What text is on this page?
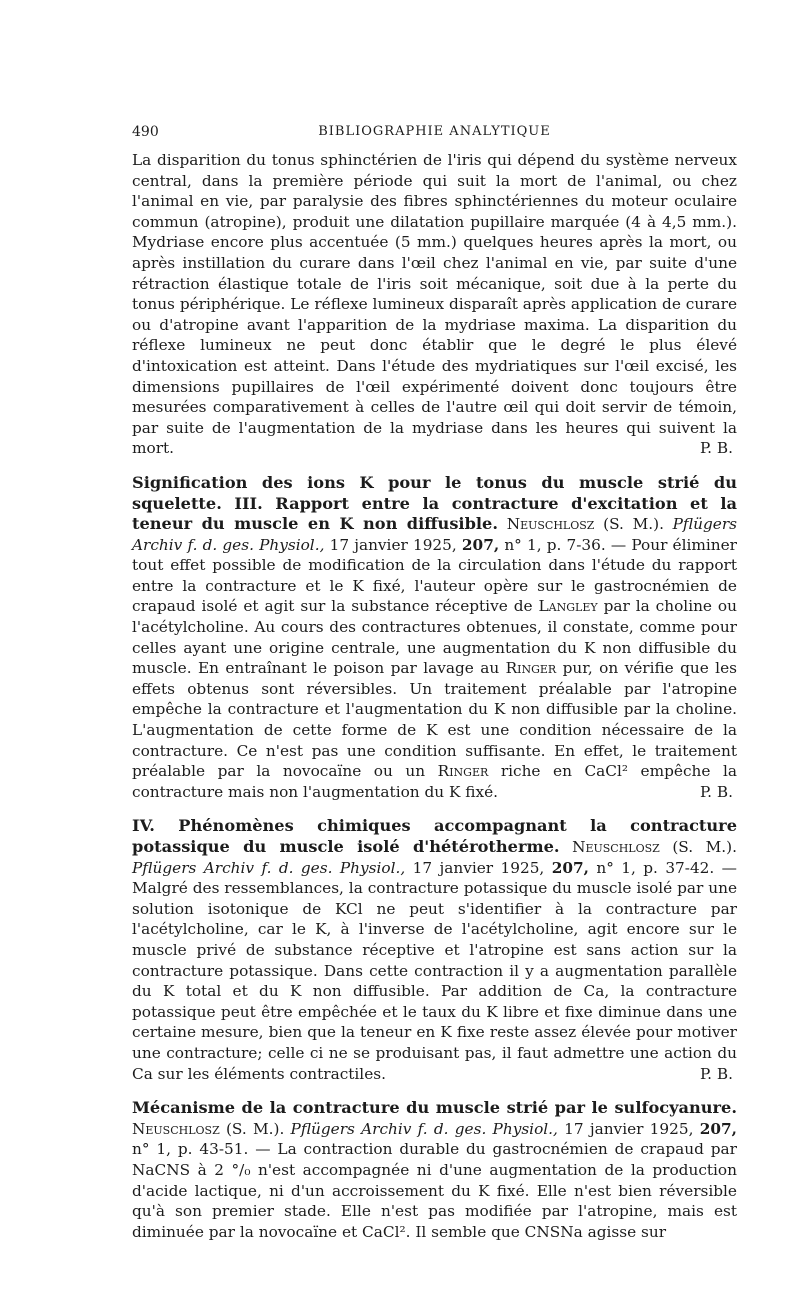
490	BIBLIOGRAPHIE ANALYTIQUE

La disparition du tonus sphinctérien de l'iris qui dépend du système nerveux central, dans la première période qui suit la mort de l'animal, ou chez l'animal en vie, par paralysie des fibres sphinctériennes du moteur oculaire commun (atropine), produit une dilatation pupillaire marquée (4 à 4,5 mm.). Mydriase encore plus accentuée (5 mm.) quelques heures après la mort, ou après instillation du curare dans l'œil chez l'animal en vie, par suite d'une rétraction élastique totale de l'iris soit mécanique, soit due à la perte du tonus périphérique. Le réflexe lumineux disparaît après application de curare ou d'atropine avant l'apparition de la mydriase maxima. La disparition du réflexe lumineux ne peut donc établir que le degré le plus élevé d'intoxication est atteint. Dans l'étude des mydriatiques sur l'œil excisé, les dimensions pupillaires de l'œil expérimenté doivent donc toujours être mesurées comparativement à celles de l'autre œil qui doit servir de témoin, par suite de l'augmentation de la mydriase dans les heures qui suivent la mort.	P. B.

Signification des ions K pour le tonus du muscle strié du squelette. III. Rapport entre la contracture d'excitation et la teneur du muscle en K non diffusible. Neuschlosz (S. M.). Pflügers Archiv f. d. ges. Physiol., 17 janvier 1925, 207, n° 1, p. 7-36. — Pour éliminer tout effet possible de modification de la circulation dans l'étude du rapport entre la contracture et le K fixé, l'auteur opère sur le gastrocnémien de crapaud isolé et agit sur la substance réceptive de Langley par la choline ou l'acétylcholine. Au cours des contractures obtenues, il constate, comme pour celles ayant une origine centrale, une augmentation du K non diffusible du muscle. En entraînant le poison par lavage au Ringer pur, on vérifie que les effets obtenus sont réversibles. Un traitement préalable par l'atropine empêche la contracture et l'augmentation du K non diffusible par la choline. L'augmentation de cette forme de K est une condition nécessaire de la contracture. Ce n'est pas une condition suffisante. En effet, le traitement préalable par la novocaïne ou un Ringer riche en CaCl² empêche la contracture mais non l'augmentation du K fixé.	P. B.

IV. Phénomènes chimiques accompagnant la contracture potassique du muscle isolé d'hétérotherme. Neuschlosz (S. M.). Pflügers Archiv f. d. ges. Physiol., 17 janvier 1925, 207, n° 1, p. 37-42. — Malgré des ressemblances, la contracture potassique du muscle isolé par une solution isotonique de KCl ne peut s'identifier à la contracture par l'acétylcholine, car le K, à l'inverse de l'acétylcholine, agit encore sur le muscle privé de substance réceptive et l'atropine est sans action sur la contracture potassique. Dans cette contraction il y a augmentation parallèle du K total et du K non diffusible. Par addition de Ca, la contracture potassique peut être empêchée et le taux du K libre et fixe diminue dans une certaine mesure, bien que la teneur en K fixe reste assez élevée pour motiver une contracture; celle ci ne se produisant pas, il faut admettre une action du Ca sur les éléments contractiles.	P. B.

Mécanisme de la contracture du muscle strié par le sulfocyanure. Neuschlosz (S. M.). Pflügers Archiv f. d. ges. Physiol., 17 janvier 1925, 207, n° 1, p. 43-51. — La contraction durable du gastrocnémien de crapaud par NaCNS à 2 °/₀ n'est accompagnée ni d'une augmentation de la production d'acide lactique, ni d'un accroissement du K fixé. Elle n'est bien réversible qu'à son premier stade. Elle n'est pas modifiée par l'atropine, mais est diminuée par la novocaïne et CaCl². Il semble que CNSNa agisse sur
